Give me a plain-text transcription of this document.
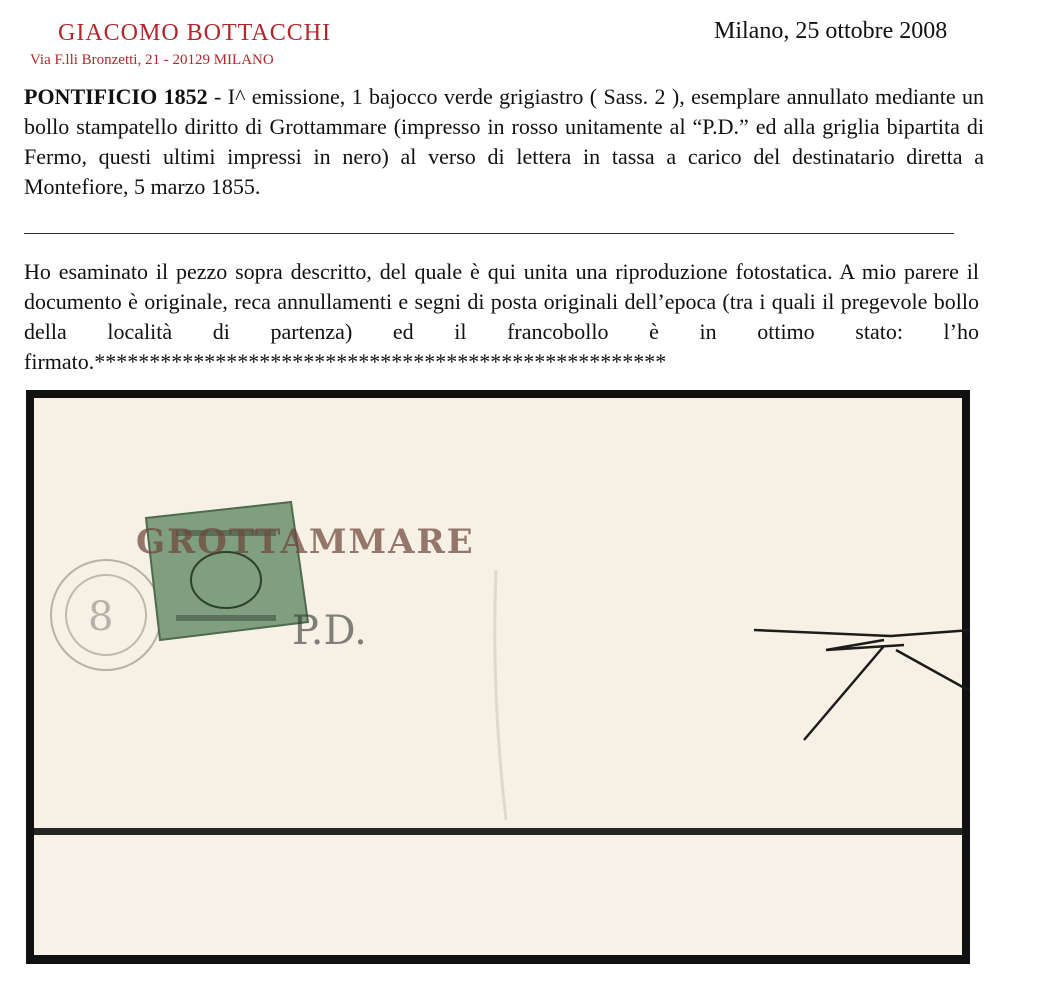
GIACOMO BOTTACCHI
Via F.lli Bronzetti, 21 - 20129 MILANO
Milano, 25 ottobre 2008
PONTIFICIO 1852 - I^ emissione, 1 bajocco verde grigiastro ( Sass. 2 ), esemplare annullato mediante un bollo stampatello diritto di Grottammare (impresso in rosso unitamente al “P.D.” ed alla griglia bipartita di Fermo, questi ultimi impressi in nero) al verso di lettera in tassa a carico del destinatario diretta a Montefiore, 5 marzo 1855.
Ho esaminato il pezzo sopra descritto, del quale è qui unita una riproduzione fotostatica. A mio parere il documento è originale, reca annullamenti e segni di posta originali dell’epoca (tra i quali il pregevole bollo della località di partenza) ed il francobollo è in ottimo stato: l’ho firmato.****************************************************
8
GROTTAMMARE
P.D.
